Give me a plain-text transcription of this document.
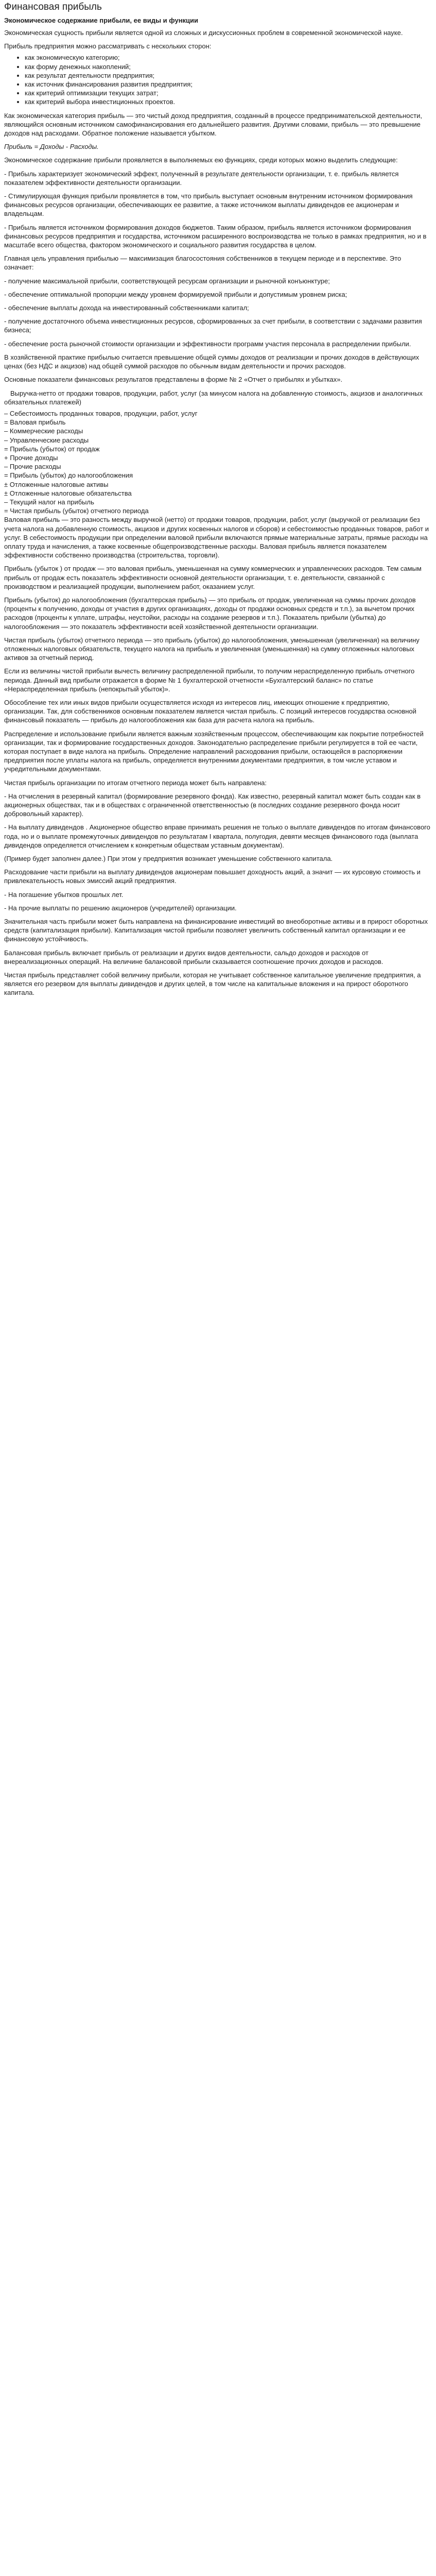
Финансовая прибыль
Экономическое содержание прибыли, ее виды и функции

Экономическая сущность прибыли является одной из сложных и дискуссионных проблем в современной экономической науке.

Прибыль предприятия можно рассматривать с нескольких сторон:

• как экономическую категорию;
• как форму денежных накоплений;
• как результат деятельности предприятия;
• как источник финансирования развития предприятия;
• как критерий оптимизации текущих затрат;
• как критерий выбора инвестиционных проектов.

Как экономическая категория прибыль — это чистый доход предприятия, созданный в процессе предпринимательской деятельности, являющийся основным источником самофинансирования его дальнейшего развития. Другими словами, прибыль — это превышение доходов над расходами. Обратное положение называется убытком.

Прибыль = Доходы - Расходы.

Экономическое содержание прибыли проявляется в выполняемых ею функциях, среди которых можно выделить следующие:

- Прибыль характеризует экономический эффект, полученный в результате деятельности организации, т. е. прибыль является показателем эффективности деятельности организации.

- Стимулирующая функция прибыли проявляется в том, что прибыль выступает основным внутренним источником формирования финансовых ресурсов организации, обеспечивающих ее развитие, а также источником выплаты дивидендов ее акционерам и владельцам.

- Прибыль является источником формирования доходов бюджетов. Таким образом, прибыль является источником формирования финансовых ресурсов предприятия и государства, источником расширенного воспроизводства не только в рамках предприятия, но и в масштабе всего общества, фактором экономического и социального развития государства в целом.

Главная цель управления прибылью — максимизация благосостояния собственников в текущем периоде и в перспективе. Это означает:

- получение максимальной прибыли, соответствующей ресурсам организации и рыночной конъюнктуре;

- обеспечение оптимальной пропорции между уровнем формируемой прибыли и допустимым уровнем риска;

- обеспечение выплаты дохода на инвестированный собственниками капитал;

- получение достаточного объема инвестиционных ресурсов, сформированных за счет прибыли, в соответствии с задачами развития бизнеса;

- обеспечение роста рыночной стоимости организации и эффективности программ участия персонала в распределении прибыли.

В хозяйственной практике прибылью считается превышение общей суммы доходов от реализации и прочих доходов в действующих ценах (без НДС и акцизов) над общей суммой расходов по обычным видам деятельности и прочих расходов.

Основные показатели финансовых результатов представлены в форме № 2 «Отчет о прибылях и убытках».

Выручка-нетто от продажи товаров, продукции, работ, услуг (за минусом налога на добавленную стоимость, акцизов и аналогичных обязательных платежей)

– Себестоимость проданных товаров, продукции, работ, услуг

= Валовая прибыль

– Коммерческие расходы

– Управленческие расходы

= Прибыль (убыток) от продаж

+ Прочие доходы

– Прочие расходы

= Прибыль (убыток) до налогообложения

± Отложенные налоговые активы

± Отложенные налоговые обязательства

– Текущий налог на прибыль

= Чистая прибыль (убыток) отчетного периода

Валовая прибыль — это разность между выручкой (нетто) от продажи товаров, продукции, работ, услуг (выручкой от реализации без учета налога на добавленную стоимость, акцизов и других косвенных налогов и сборов) и себестоимостью проданных товаров, работ и услуг. В себестоимость продукции при определении валовой прибыли включаются прямые материальные затраты, прямые расходы на оплату труда и начисления, а также косвенные общепроизводственные расходы. Валовая прибыль является показателем эффективности собственно производства (строительства, торговли).

Прибыль (убыток ) от продаж — это валовая прибыль, уменьшенная на сумму коммерческих и управленческих расходов. Тем самым прибыль от продаж есть показатель эффективности основной деятельности организации, т. е. деятельности, связанной с производством и реализацией продукции, выполнением работ, оказанием услуг.

Прибыль (убыток) до налогообложения (бухгалтерская прибыль) — это прибыль от продаж, увеличенная на суммы прочих доходов (проценты к получению, доходы от участия в других организациях, доходы от продажи основных средств и т.п.), за вычетом прочих расходов (проценты к уплате, штрафы, неустойки, расходы на создание резервов и т.п.). Показатель прибыли (убытка) до налогообложения — это показатель эффективности всей хозяйственной деятельности организации.

Чистая прибыль (убыток) отчетного периода — это прибыль (убыток) до налогообложения, уменьшенная (увеличенная) на величину отложенных налоговых обязательств, текущего налога на прибыль и увеличенная (уменьшенная) на сумму отложенных налоговых активов за отчетный период.

Если из величины чистой прибыли вычесть величину распределенной прибыли, то получим нераспределенную прибыль отчетного периода. Данный вид прибыли отражается в форме № 1 бухгалтерской отчетности «Бухгалтерский баланс» по статье «Нераспределенная прибыль (непокрытый убыток)».

Обособление тех или иных видов прибыли осуществляется исходя из интересов лиц, имеющих отношение к предприятию, организации. Так, для собственников основным показателем является чистая прибыль. С позиций интересов государства основной финансовый показатель — прибыль до налогообложения как база для расчета налога на прибыль.

Распределение и использование прибыли является важным хозяйственным процессом, обеспечивающим как покрытие потребностей организации, так и формирование государственных доходов. Законодательно распределение прибыли регулируется в той ее части, которая поступает в виде налога на прибыль. Определение направлений расходования прибыли, остающейся в распоряжении предприятия после уплаты налога на прибыль, определяется внутренними документами предприятия, в том числе уставом и учредительными документами.

Чистая прибыль организации по итогам отчетного периода может быть направлена:

- На отчисления в резервный капитал (формирование резервного фонда). Как известно, резервный капитал может быть создан как в акционерных обществах, так и в обществах с ограниченной ответственностью (в последних создание резервного фонда носит добровольный характер).

- На выплату дивидендов . Акционерное общество вправе принимать решения не только о выплате дивидендов по итогам финансового года, но и о выплате промежуточных дивидендов по результатам I квартала, полугодия, девяти месяцев финансового года (выплата дивидендов определяется отчислением к конкретным обществам уставным документам).

(Пример будет заполнен далее.) При этом у предприятия возникает уменьшение собственного капитала.

Расходование части прибыли на выплату дивидендов акционерам повышает доходность акций, а значит — их курсовую стоимость и привлекательность новых эмиссий акций предприятия.

- На погашение убытков прошлых лет.

- На прочие выплаты по решению акционеров (учредителей) организации.

Значительная часть прибыли может быть направлена на финансирование инвестиций во внеоборотные активы и в прирост оборотных средств (капитализация прибыли). Капитализация чистой прибыли позволяет увеличить собственный капитал организации и ее финансовую устойчивость.

Балансовая прибыль включает прибыль от реализации и других видов деятельности, сальдо доходов и расходов от внереализационных операций. На величине балансовой прибыли сказывается соотношение прочих доходов и расходов.

Чистая прибыль представляет собой величину прибыли, которая не учитывает собственное капитальное увеличение предприятия, а является его резервом для выплаты дивидендов и других целей, в том числе на капитальные вложения и на прирост оборотного капитала.
